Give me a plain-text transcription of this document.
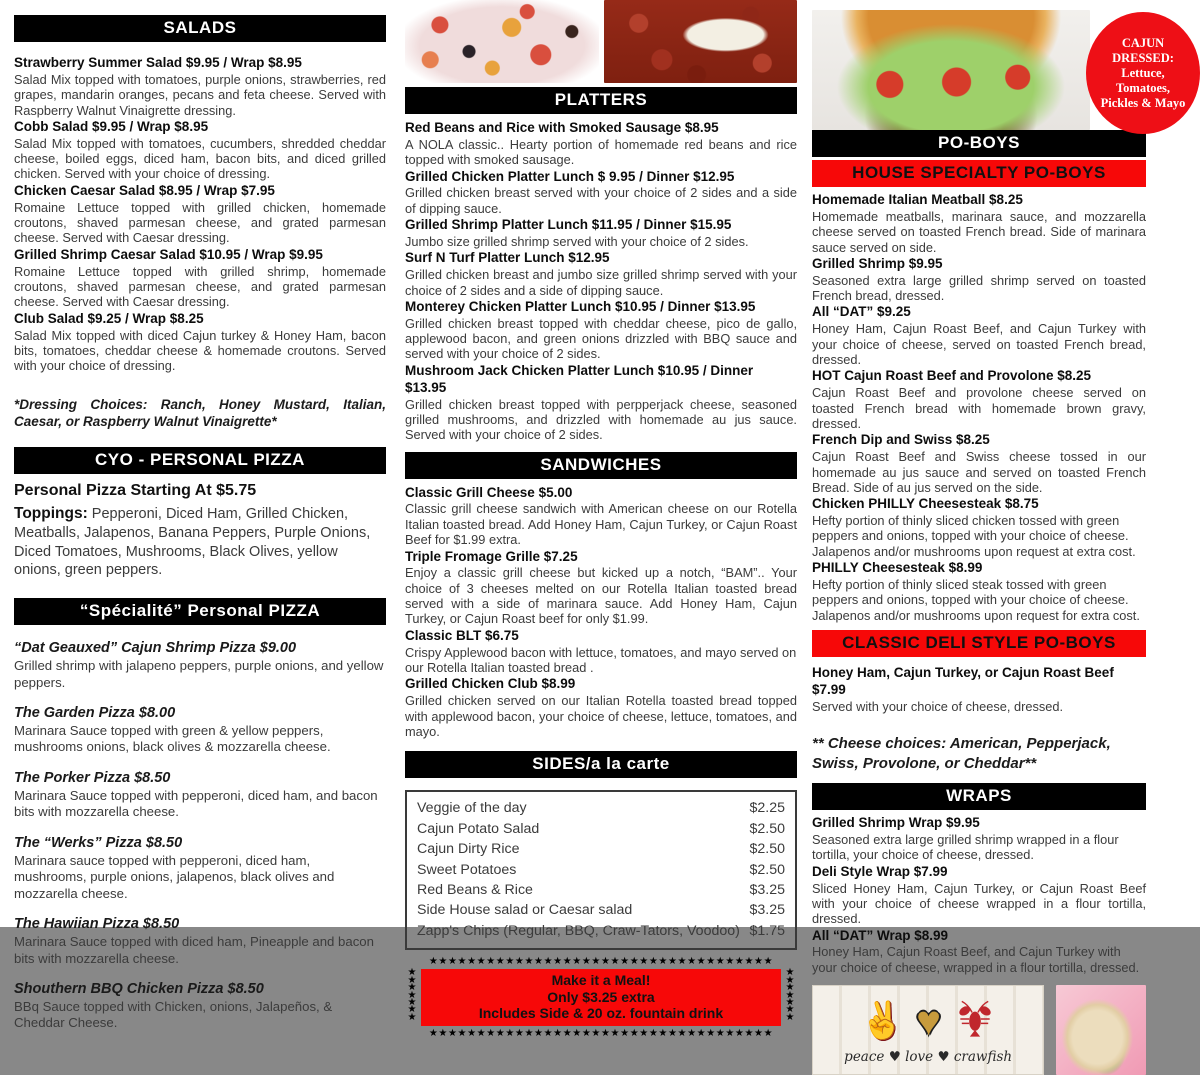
SALADS
Strawberry Summer Salad $9.95 / Wrap $8.95
Salad Mix topped with tomatoes, purple onions, strawberries, red grapes, mandarin oranges, pecans and feta cheese. Served with Raspberry Walnut Vinaigrette dressing.
Cobb Salad $9.95 / Wrap $8.95
Salad Mix topped with tomatoes, cucumbers, shredded cheddar cheese, boiled eggs, diced ham, bacon bits, and diced grilled chicken. Served with your choice of dressing.
Chicken Caesar Salad $8.95 / Wrap $7.95
Romaine Lettuce topped with grilled chicken, homemade croutons, shaved parmesan cheese, and grated parmesan cheese. Served with Caesar dressing.
Grilled Shrimp Caesar Salad $10.95 / Wrap $9.95
Romaine Lettuce topped with grilled shrimp, homemade croutons, shaved parmesan cheese, and grated parmesan cheese. Served with Caesar dressing.
Club Salad $9.25 / Wrap $8.25
Salad Mix topped with diced Cajun turkey & Honey Ham, bacon bits, tomatoes, cheddar cheese & homemade croutons. Served with your choice of dressing.
*Dressing Choices: Ranch, Honey Mustard, Italian, Caesar, or Raspberry Walnut Vinaigrette*
CYO - PERSONAL PIZZA
Personal Pizza Starting At $5.75
Toppings: Pepperoni, Diced Ham, Grilled Chicken, Meatballs, Jalapenos, Banana Peppers, Purple Onions, Diced Tomatoes, Mushrooms, Black Olives, yellow onions, green peppers.
“Spécialité” Personal PIZZA
“Dat Geauxed” Cajun Shrimp Pizza $9.00
Grilled shrimp with jalapeno peppers, purple onions, and yellow peppers.
The Garden Pizza $8.00
Marinara Sauce topped with green & yellow peppers, mushrooms onions, black olives & mozzarella cheese.
The Porker Pizza $8.50
Marinara Sauce topped with pepperoni, diced ham, and bacon bits with mozzarella cheese.
The “Werks” Pizza $8.50
Marinara sauce topped with pepperoni, diced ham, mushrooms, purple onions, jalapenos, black olives and mozzarella cheese.
The Hawiian Pizza $8.50
Marinara Sauce topped with diced ham, Pineapple and bacon bits with mozzarella cheese.
Shouthern BBQ Chicken Pizza $8.50
BBq Sauce topped with Chicken, onions, Jalapeños, & Cheddar Cheese.
PLATTERS
Red Beans and Rice with Smoked Sausage $8.95
A NOLA classic.. Hearty portion of homemade red beans and rice topped with smoked sausage.
Grilled Chicken Platter Lunch $ 9.95 / Dinner $12.95
Grilled chicken breast served with your choice of 2 sides and a side of dipping sauce.
Grilled Shrimp Platter Lunch $11.95 / Dinner $15.95
Jumbo size grilled shrimp served with your choice of 2 sides.
Surf N Turf Platter Lunch $12.95
Grilled chicken breast and jumbo size grilled shrimp served with your choice of 2 sides and a side of dipping sauce.
Monterey Chicken Platter Lunch $10.95 / Dinner $13.95
Grilled chicken breast topped with cheddar cheese, pico de gallo, applewood bacon, and green onions drizzled with BBQ sauce and served with your choice of 2 sides.
Mushroom Jack Chicken Platter Lunch $10.95 / Dinner $13.95
Grilled chicken breast topped with perpperjack cheese, seasoned grilled mushrooms, and drizzled with homemade au jus sauce. Served with your choice of 2 sides.
SANDWICHES
Classic Grill Cheese $5.00
Classic grill cheese sandwich with American cheese on our Rotella Italian toasted bread. Add Honey Ham, Cajun Turkey, or Cajun Roast Beef for $1.99 extra.
Triple Fromage Grille $7.25
Enjoy a classic grill cheese but kicked up a notch, “BAM”.. Your choice of 3 cheeses melted on our Rotella Italian toasted bread served with a side of marinara sauce. Add Honey Ham, Cajun Turkey, or Cajun Roast beef for only $1.99.
Classic BLT $6.75
Crispy Applewood bacon with lettuce, tomatoes, and mayo served on our Rotella Italian toasted bread .
Grilled Chicken Club $8.99
Grilled chicken served on our Italian Rotella toasted bread topped with applewood bacon, your choice of cheese, lettuce, tomatoes, and mayo.
SIDES/a la carte
Veggie of the day	$2.25
Cajun Potato Salad	$2.50
Cajun Dirty Rice	$2.50
Sweet Potatoes	$2.50
Red Beans & Rice	$3.25
Side House salad or Caesar salad	$3.25
Zapp's Chips (Regular, BBQ, Craw-Tators, Voodoo) $1.75
★★★★★★★★★★★★★★★★★★★★★★★★★★★★★★★★★★★★
★
★
★
★
★
★
★
Make it a Meal!
Only $3.25 extra
Includes Side & 20 oz. fountain drink
★
★
★
★
★
★
★
★★★★★★★★★★★★★★★★★★★★★★★★★★★★★★★★★★★★
PO-BOYS
HOUSE SPECIALTY PO-BOYS
Homemade Italian Meatball $8.25
Homemade meatballs, marinara sauce, and mozzarella cheese served on toasted French bread. Side of marinara sauce served on side.
Grilled Shrimp $9.95
Seasoned extra large grilled shrimp served on toasted French bread, dressed.
All “DAT” $9.25
Honey Ham, Cajun Roast Beef, and Cajun Turkey with your choice of cheese, served on toasted French bread, dressed.
HOT Cajun Roast Beef and Provolone $8.25
Cajun Roast Beef and provolone cheese served on toasted French bread with homemade brown gravy, dressed.
French Dip and Swiss $8.25
Cajun Roast Beef and Swiss cheese tossed in our homemade au jus sauce and served on toasted French Bread. Side of au jus served on the side.
Chicken PHILLY Cheesesteak $8.75
Hefty portion of thinly sliced chicken tossed with green peppers and onions, topped with your choice of cheese. Jalapenos and/or mushrooms upon request at extra cost.
PHILLY Cheesesteak $8.99
Hefty portion of thinly sliced steak tossed with green peppers and onions, topped with your choice of cheese. Jalapenos and/or mushrooms upon request for extra cost.
CLASSIC DELI STYLE PO-BOYS
Honey Ham, Cajun Turkey, or Cajun Roast Beef $7.99
Served with your choice of cheese, dressed.
** Cheese choices: American, Pepperjack, Swiss, Provolone, or Cheddar**
WRAPS
Grilled Shrimp Wrap $9.95
Seasoned extra large grilled shrimp wrapped in a flour tortilla, your choice of cheese, dressed.
Deli Style Wrap $7.99
Sliced Honey Ham, Cajun Turkey, or Cajun Roast Beef with your choice of cheese wrapped in a flour tortilla, dressed.
All “DAT” Wrap $8.99
Honey Ham, Cajun Roast Beef, and Cajun Turkey with your choice of cheese, wrapped in a flour tortilla, dressed.
✌ ♥
peace ♥ love ♥ crawfish
CAJUN DRESSED:
Lettuce, Tomatoes, Pickles & Mayo
